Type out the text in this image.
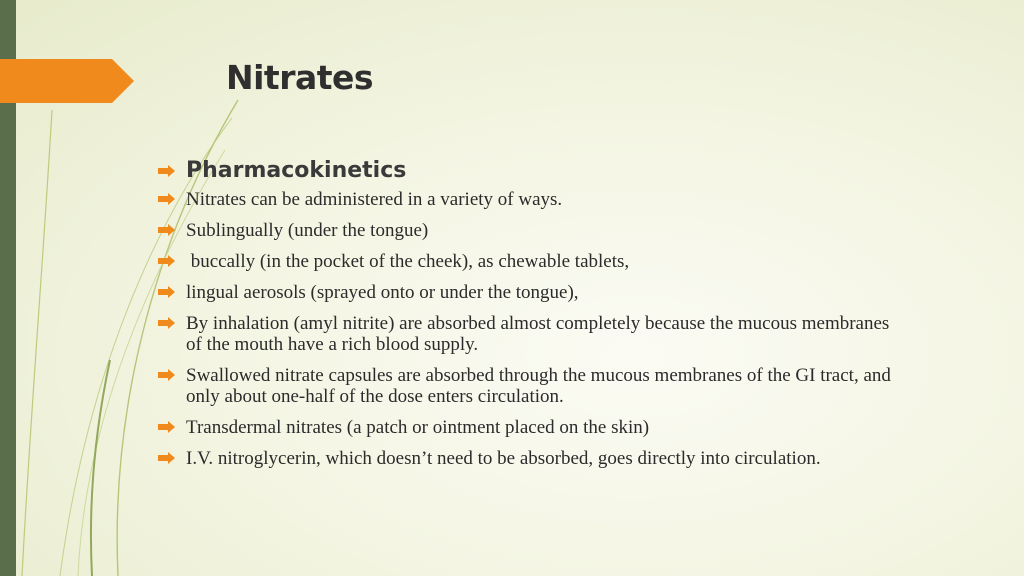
Nitrates
Pharmacokinetics
Nitrates can be administered in a variety of ways.
Sublingually (under the tongue)
buccally (in the pocket of the cheek), as chewable tablets,
lingual aerosols (sprayed onto or under the tongue),
By inhalation (amyl nitrite) are absorbed almost completely because the mucous membranes of the mouth have a rich blood supply.
Swallowed nitrate capsules are absorbed through the mucous membranes of the GI tract, and only about one-half of the dose enters circulation.
Transdermal nitrates (a patch or ointment placed on the skin)
I.V. nitroglycerin, which doesn’t need to be absorbed, goes directly into circulation.
